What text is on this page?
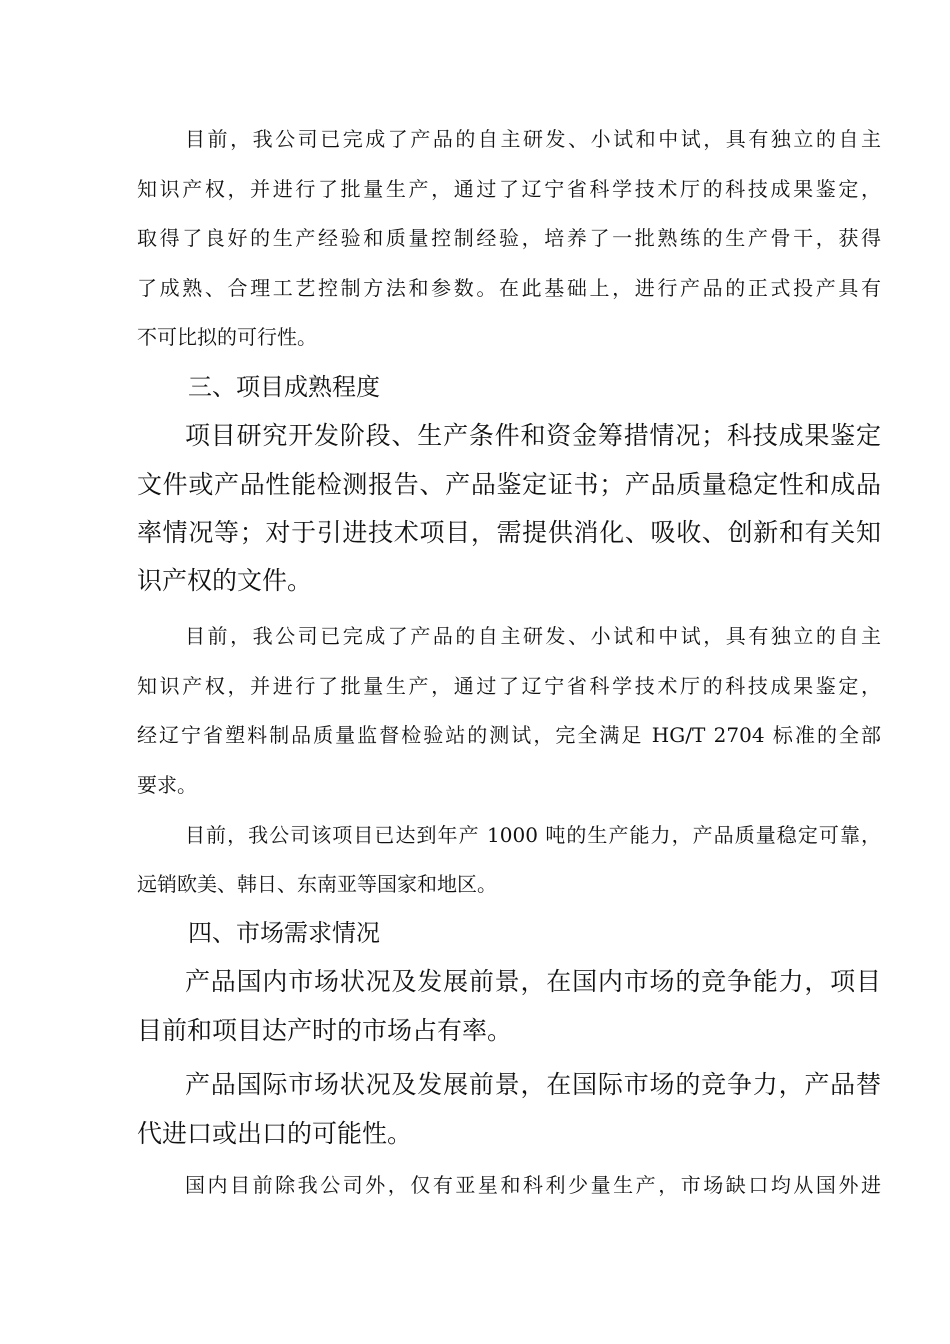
目前，我公司已完成了产品的自主研发、小试和中试，具有独立的自主
知识产权，并进行了批量生产，通过了辽宁省科学技术厅的科技成果鉴定，
取得了良好的生产经验和质量控制经验，培养了一批熟练的生产骨干，获得
了成熟、合理工艺控制方法和参数。在此基础上，进行产品的正式投产具有
不可比拟的可行性。
三、项目成熟程度
项目研究开发阶段、生产条件和资金筹措情况；科技成果鉴定
文件或产品性能检测报告、产品鉴定证书；产品质量稳定性和成品
率情况等；对于引进技术项目，需提供消化、吸收、创新和有关知
识产权的文件。
目前，我公司已完成了产品的自主研发、小试和中试，具有独立的自主
知识产权，并进行了批量生产，通过了辽宁省科学技术厅的科技成果鉴定，
经辽宁省塑料制品质量监督检验站的测试，完全满足 HG/T 2704 标准的全部
要求。
目前，我公司该项目已达到年产 1000 吨的生产能力，产品质量稳定可靠，
远销欧美、韩日、东南亚等国家和地区。
四、市场需求情况
产品国内市场状况及发展前景，在国内市场的竞争能力，项目
目前和项目达产时的市场占有率。
产品国际市场状况及发展前景，在国际市场的竞争力，产品替
代进口或出口的可能性。
国内目前除我公司外，仅有亚星和科利少量生产，市场缺口均从国外进
